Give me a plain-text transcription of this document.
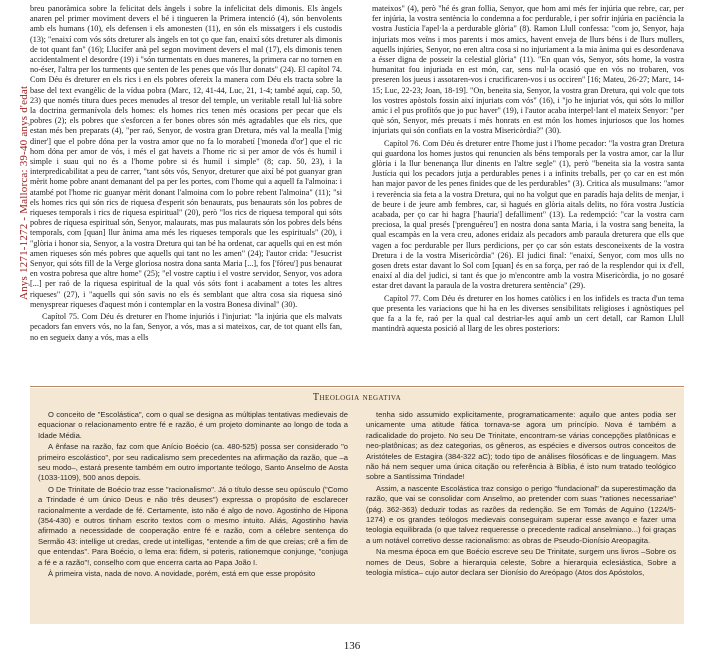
Anys 1271-1272 - Mallorca: 39-40 anys d'edat

breu panoràmica sobre la felicitat dels àngels i sobre la infelicitat dels dimonis. Els àngels anaren pel primer moviment devers el bé i tingueren la Primera intenció (4), són benvolents amb els humans (10), els defensen i els amonesten (11), en són els missatgers i els custodis (13); "enaixí com vós sóts dreturer als àngels en tot ço que fan, enaixí sóts dreturer als dimonis de tot quant fan" (16); Llucifer anà pel segon moviment devers el mal (17), els dimonis tenen accidentalment el desordre (19) i "són turmentats en dues maneres, la primera car no tornen en no-éser, l'altra per los turments que senten de les penes que vós llur donats" (24). El capítol 74. Com Déu és dreturer en els rics i en els pobres ofereix la manera com Déu els tracta sobre la base del text evangèlic de la vídua pobra (Marc, 12, 41-44, Luc, 21, 1-4; també aquí, cap. 50, 23) que només titura dues peces menudes al tresor del temple, un veritable retall lul·lià sobre la doctrina germanívola dels homes: els homes rics tenen més ocasions per pecar que els pobres (2); els pobres que s'esforcen a fer bones obres són més agradables que els rics, que estan més ben preparats (4), "per raó, Senyor, de vostra gran Dretura, més val la mealla ['mig diner'] que el pobre dóna per la vostra amor que no fa lo morabetí ['moneda d'or'] que el ric hom dóna per amor de vós, i més el gat havets a l'home ric si per amor de vós és humil i simple i suau qui no és a l'home pobre si és humil i simple" (8; cap. 50, 23), i la interpredicabilitat a peu de carrer, "tant sóts vós, Senyor, dreturer que així bé pot guanyar gran mèrit home pobre anant demanant del pa per les portes, com l'home qui a aquell fa l'almoina: i atambé pot l'home ric guanyar mèrit donant l'almoina com lo pobre rebent l'almoina" (11); "si els homes rics qui són rics de riquesa d'esperit són benaurats, pus benaurats són los pobres de riqueses temporals i rics de riquesa espiritual" (20), però "los rics de riquesa temporal qui sóts pobres de riquesa espiritual són, Senyor, malaurats, mas pus malaurats són los pobres dels béns temporals, com [quan] llur ànima ama més les riqueses temporals que les espirituals" (20), i "glòria i honor sia, Senyor, a la vostra Dretura qui tan bé ha ordenat, car aquells qui en est món amen riqueses són més pobres que aquells qui tant no les amen" (24); l'autor crida: "Jesucrist Senyor, qui sóts fill de la Verge gloriosa nostra dona santa Maria [...], fos ['fóreu'] pus benaurat en vostra pobresa que altre home" (25); "el vostre captiu i el vostre servidor, Senyor, vos adora [...] per raó de la riquesa espiritual de la qual vós sóts font i acabament a totes les altres riqueses" (27), i "aquells qui són savis no els és semblant que altra cosa sia riquesa sinó menysprear riqueses d'aquest món i contemplar en la vostra Bonesa divinal" (30).

Capítol 75. Com Déu és dreturer en l'home injuriós i l'injuriat: "la injúria que els malvats pecadors fan envers vós, no la fan, Senyor, a vós, mas a si mateixos, car, de tot quant ells fan, no en segueix dany a vós, mas a ells

mateixos" (4), però "hé és gran follia, Senyor, que hom ami més fer injúria que rebre, car, per fer injúria, la vostra sentència lo condemna a foc perdurable, i per sofrir injúria en paciència la vostra Justícia l'apel·la a perdurable glòria" (8). Ramon Llull confessa: "com jo, Senyor, haja injuriats mos veïns i mos parents i mos amics, havent enveja de llurs béns i de llurs mullers, aquells injúries, Senyor, no eren altra cosa si no injuriament a la mia ànima qui es desordenava a ésser digna de posseir la celestial glòria" (11). "En quan vós, Senyor, sóts home, la vostra humanitat fou injuriada en est món, car, sens nul·la ocasió que en vós no trobaren, vos preseren los jueus i assotaren-vos i crucificaren-vos i us occiren" [16; Mateu, 26-27; Marc, 14-15; Luc, 22-23; Joan, 18-19]. "On, beneita sia, Senyor, la vostra gran Dretura, qui volc que tots los vostres apòstols fossin així injuriats com vós" (16), i "jo he injuriat vós, qui sóts lo millor amic i el pus profitós que jo puc haver" (19), i l'autor acaba interpel·lant el mateix Senyor: "per què són, Senyor, més preuats i més honrats en est món los homes injuriosos que los homes injuriats qui són confiats en la vostra Misericòrdia?" (30).

Capítol 76. Com Déu és dreturer entre l'home just i l'home pecador: "la vostra gran Dretura qui guardona los homes justos qui renuncien als béns temporals per la vostra amor, car la llur glòria i la llur benenança llur dinents en l'altre segle" (1), però "beneita sia la vostra santa Justícia qui los pecadors jutja a perdurables penes i a infinits treballs, per ço car en est món han major pavor de les penes finides que de les perdurables" (3). Critica als musulmans: "amor i reverència sia feta a la vostra Dretura, qui no ha volgut que en paradís haja delits de menjar, i de beure i de jeure amb fembres, car, si hagués en glòria aitals delits, no fóra vostra Justícia acabada, per ço car hi hagra ['hauria'] defalliment" (13). La redempció: "car la vostra carn preciosa, la qual presés ['prenguéreu'] en nostra dona santa Maria, i la vostra sang beneita, la qual escampàs en la vera creu, adones eridaiz als pecadors amb paraula dreturera que ells que vagen a foc perdurable per llurs perdicions, per ço car són estats desconeixents de la vostra Dretura i de la vostra Misericòrdia" (26). El judici final: "enaixí, Senyor, com mos ulls no gosen drets estar davant lo Sol com [quan] és en sa força, per raó de la resplendor qui ix d'ell, enaixí al dia del judici, si tant és que jo m'encontre amb la vostra Misericòrdia, jo no gosaré estar dret davant la paraula de la vostra dreturera sentència" (29).

Capítol 77. Com Déu és dreturer en los homes catòlics i en los infidels es tracta d'un tema que presenta les variacions que hi ha en les diverses sensibilitats religioses i agnòstiques pel que fa a la fe, raó per la qual cal destriar-les aquí amb un cert detall, car Ramon Llull mantindrà aquesta posició al llarg de les obres posteriors:

Theologia negativa

O conceito de "Escolástica", com o qual se designa as múltiplas tentativas medievais de equacionar o relacionamento entre fé e razão, é um projeto dominante ao longo de toda a Idade Média.

A ênfase na razão, faz com que Anício Boécio (ca. 480-525) possa ser considerado "o primeiro escolástico", por seu radicalismo sem precedentes na afirmação da razão, que –a seu modo–, estará presente também em outro importante teólogo, Santo Anselmo de Aosta (1033-1109), 500 anos depois.

O De Trinitate de Boécio traz esse "racionalismo". Já o título desse seu opúsculo ("Como a Trindade é um único Deus e não três deuses") expressa o propósito de esclarecer racionalmente a verdade de fé. Certamente, isto não é algo de novo. Agostinho de Hipona (354-430) e outros tinham escrito textos com o mesmo intuito. Aliás, Agostinho havia afirmado a necessidade de cooperação entre fé e razão, com a célebre sentença do Sermão 43: intellige ut credas, crede ut intelligas, "entende a fim de que creias; crê a fim de que entendas". Para Boécio, o lema era: fidem, si poteris, rationemque conjunge, "conjuga a fé e a razão"!, conselho com que encerra carta ao Papa João I.

À primeira vista, nada de novo. A novidade, porém, está em que esse propósito

tenha sido assumido explicitamente, programaticamente: aquilo que antes podia ser unicamente uma atitude fática tornava-se agora um princípio. Nova é também a radicalidade do projeto. No seu De Trinitate, encontram-se várias concepções platônicas e neo-platônicas; as dez categorias, os gêneros, as espécies e diversos outros conceitos de Aristóteles de Estagira (384-322 aC); todo tipo de análises filosóficas e de linguagem. Mas não há nem sequer uma única citação ou referência à Bíblia, é isto num tratado teológico sobre a Santíssima Trindade!

Assim, a nascente Escolástica traz consigo o perigo "fundacional" da superestimação da razão, que vai se consolidar com Anselmo, ao pretender com suas "rationes necessariae" (pág. 362-363) deduzir todas as razões da redenção. Se em Tomás de Aquino (1224/5-1274) e os grandes teólogos medievais conseguiram superar esse avanço e fazer uma teologia equilibrada (o que talvez requeresse o precedente radical anselmiano...) foi graças a um notável corretivo desse racionalismo: as obras de Pseudo-Dionísio Areopagita.

Na mesma época em que Boécio escreve seu De Trinitate, surgem uns livros –Sobre os nomes de Deus, Sobre a hierarquia celeste, Sobre a hierarquia eclesiástica, Sobre a teologia mística– cujo autor declara ser Dionísio do Areópago (Atos dos Apóstolos,

136
